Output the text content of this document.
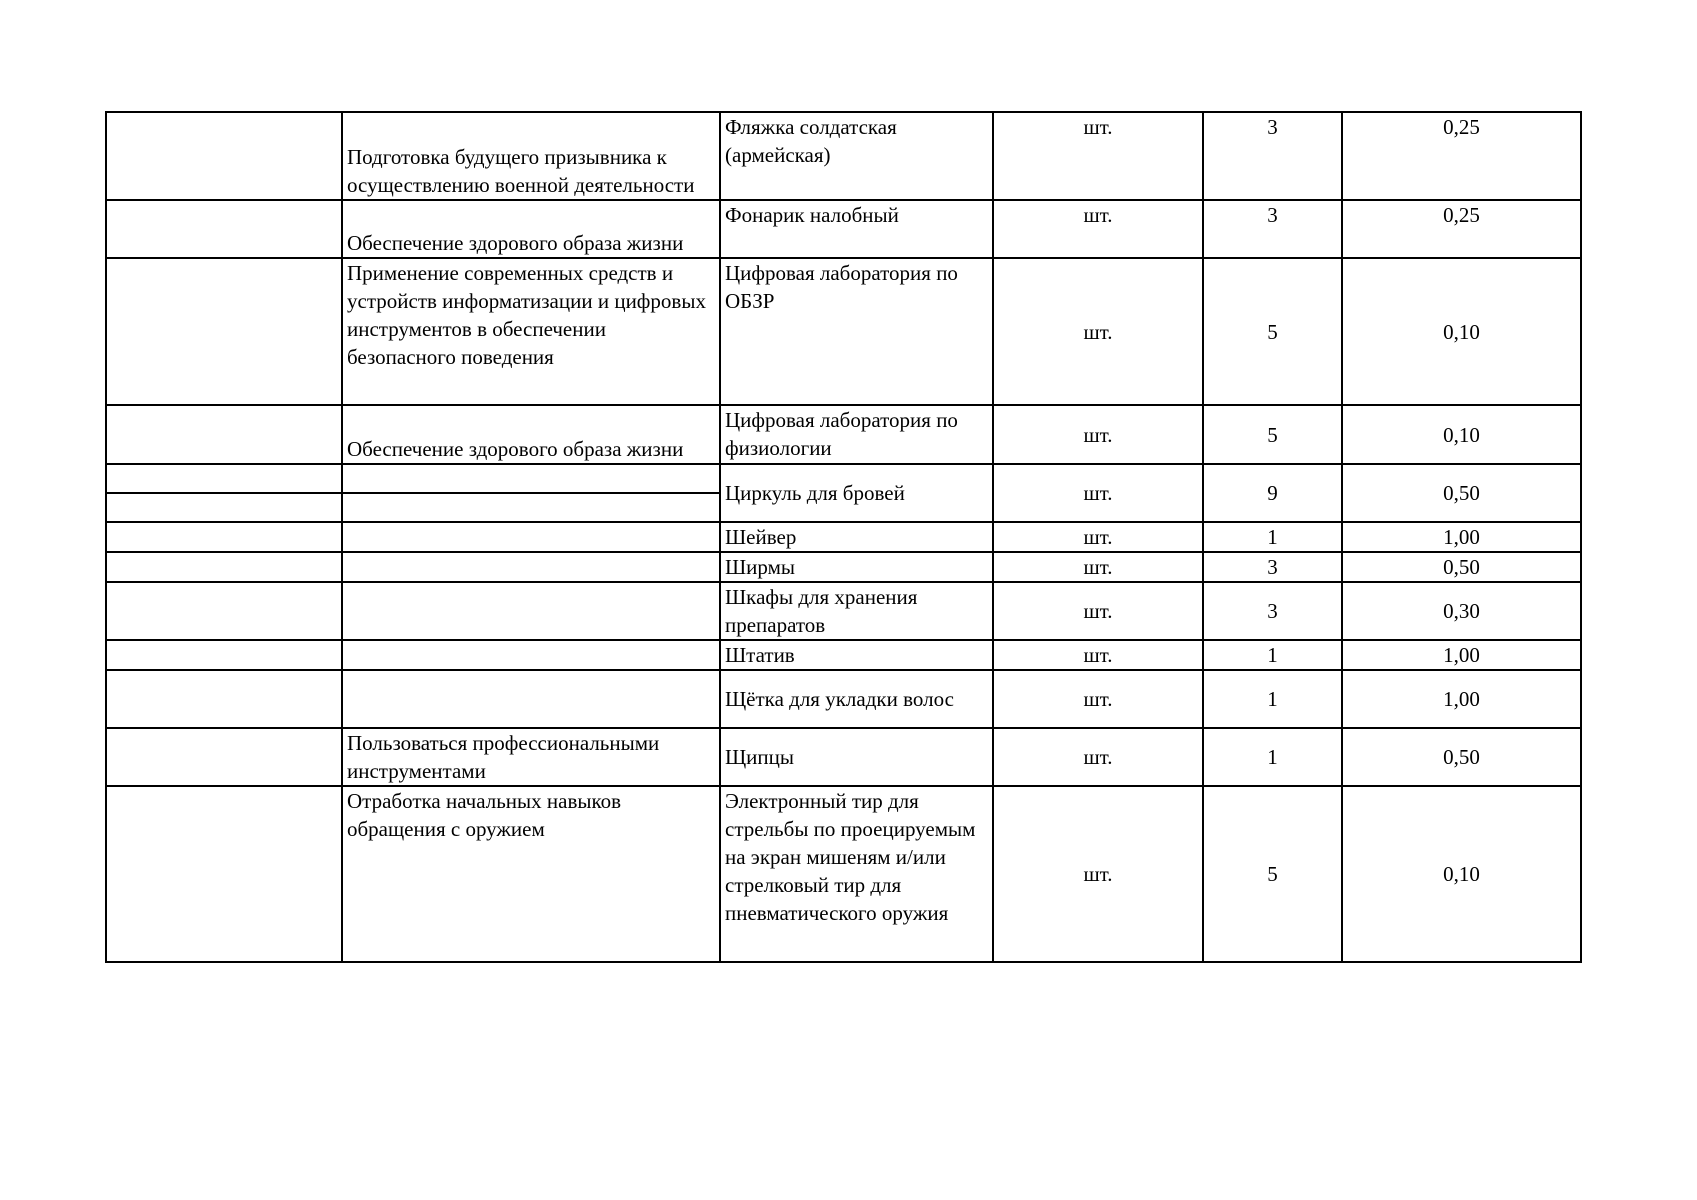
	Подготовка будущего призывника к осуществлению военной деятельности	Фляжка солдатская (армейская)	шт.	3	0,25
	Обеспечение здорового образа жизни	Фонарик налобный	шт.	3	0,25
	Применение современных средств и устройств информатизации и цифровых инструментов в обеспечении безопасного поведения	Цифровая лаборатория по ОБЗР	шт.	5	0,10
	Обеспечение здорового образа жизни	Цифровая лаборатория по физиологии	шт.	5	0,10
		Циркуль для бровей	шт.	9	0,50

		Шейвер	шт.	1	1,00
		Ширмы	шт.	3	0,50
		Шкафы для хранения препаратов	шт.	3	0,30
		Штатив	шт.	1	1,00
		Щётка для укладки волос	шт.	1	1,00
	Пользоваться профессиональными инструментами	Щипцы	шт.	1	0,50
	Отработка начальных навыков обращения с оружием	Электронный тир для стрельбы по проецируемым на экран мишеням и/или стрелковый тир для пневматического оружия	шт.	5	0,10
